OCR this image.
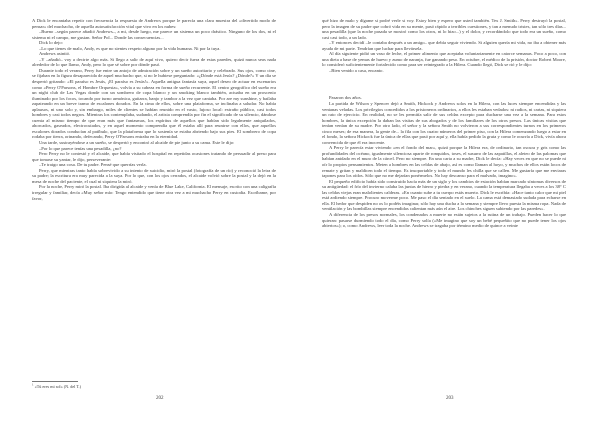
A Dick le encantaba repetir con frecuencia la respuesta de Andrews porque le parecía una clara muestra del «divertido modo de pensar» del muchacho, de aquella autosatisfacción vital que vivo en los nubes:

–Bueno –según parece añadió Andrews–, a mi, desde luego, me parece un sistema un poco drástico. Ninguno de los dos, ni el sistema ni el campo, me gustan. Señor Pol... Donde las consecuencias...

Dick lo dejo:

–Lo que tienes de malo, Andy, es que no sientes respeto alguno por la vida humana. Ni por la tuya.

Andrews asintió.

–Y –añadió– voy a decirte algo más. Si llego a salir de aquí vivo, quiero decir fuera de estas paredes, quizá nunca seas nada alrededor de lo que llamo, Andy, pero lo que sé sobre por dónde pasó.

Durante todo el verano, Perry fue entre un antojo de admiración sobre y un sueño autoritario y celebrado. Sus ojos, como cine, se fijaban en la figura desaparecida de aquel muchacho que, si no le hubiese preguntado: «¿Dónde está Jesús? ¿Dónde?» Y un día se despertó gritando: «El paraíso es Jesús, ¡El paraíso es Jesús!». Aquella antigua fantasía suya, aquel deseo de actuar en escenarios como «Perry O'Parsons, el Hombre Orquesta», volvía a su cabeza en forma de sueño recurrente. El centro geográfico del sueño era un night club de Las Vegas donde con un sombrero de copa blanco y un smoking blanco también, actuaba en un proscenio iluminado por los focos, tocando por turno armónica, guitarra, banjo y tambor a la vez que cantaba. Por are my sunshine, y bailaba zapateando en un breve tramo de escalones dorados. En la cima de ellos, sobre una plataforma, se inclinaba a saludar. No había aplausos, ni uno solo y, sin embargo, miles de clientes se habían reunido en el vasto, lujoso local: extraño público, casi todos hombres y casi todos negros. Mientras los contemplaba, sudando, el artista comprendía por fin el significado de su silencio, dándose cuenta al mismo tiempo de que eran más que fantasmas, los espíritus de aquellos que habían sido legalmente aniquilados, ahorcados, gaseados, electrocutados, y en aquel momento comprendía que él estaba allí para reunirse con ellos, que aquellos escalones dorados conducían al patíbulo, que la plataforma que lo sostenía se estaba abriendo bajo sus pies. El sombrero de copa rodaba por tierra, orinando, defecando, Perry O'Parsons entraba en la eternidad.

Una tarde, sustrayéndose a un sueño, se despertó y encontró al alcaide de pie junto a su cama. Este le dijo:

–Por lo que parece tenías una pesadilla, ¿no?

Pero Perry no le contestó y el alcaide, que había visitado el hospital en repetidas ocasiones tratando de persuadir al preso para que tomase su yantar, le dijo, perseverante:

–Te traigo una cosa. De tu padre. Pensé que querrías verla.

Perry, que mientras tanto había sobrevivido a su intento de suicidio, miró la postal (fotografía de un río) y reconoció la letra de su padre; la escritura era muy parecida a la suya. Por lo que, con los ojos cerrados, el alcaide volvió sobre la postal y la dejó en la mesa de noche del paciente, el cual ni siquiera la miró.

Por la noche, Perry miró la postal. Iba dirigida al alcaide y venía de Blue Lake, California. El mensaje, escrito con una caligrafía irregular y familiar, decía «Muy señor mío: Tengo entendido que tiene otra vez a mi muchacho Perry en custodia. Escríbame, por favor,

$^1$ «Tú eres mi sol» (N. del T.)
202

qué hizo de malo y dígame si podré verle si voy. Estoy bien y espero que usted también. Tex J. Smith». Perry destruyó la postal, pero la imagen de su padre que cobró vida en su mente, pasó rápido a terribles cuestiones, y tan a menudo tristes, tan sólo tres días... una pesadilla (que la noche pasada se mostró como los otros, ni lo hizo...) y el dolor, y recordándolo que todo era un sueño, como casi casi todo, a un lado.

–Y entonces decidí –le contaba después a un amigo– que debía seguir viviendo. Si alguien quería mi vida, no iba a obtener más ayuda de mi parte. Tendrían que luchar para llevársela.

Al día siguiente pidió un vaso de leche, el primer alimento que aceptaba voluntariamente en catorce semanas. Poco a poco, con una dieta a base de yemas de huevo y zumo de naranja, fue ganando peso. En octubre, el médico de la prisión, doctor Robert Moore, lo consideró suficientemente fortalecido como para ser reintegrado a la Hilera. Cuando llegó, Dick se rió y le dijo:

–Bien venido a casa, encanto.

Pasaron dos años.

La partida de Wilson y Spencer dejó a Smith, Hickock y Andrews solos en la Hilera, con las luces siempre encendidas y las ventanas veladas. Los privilegios concedidos a los prisioneros ordinarios, a ellos les estaban vedados: ni radios, ni cartas, ni siquiera un rato de ejercicio. En realidad, no se les permitía salir de sus celdas excepto para ducharse una vez a la semana. Para estos hombres, la única excepción la daban las visitas de sus abogados y de los familiares de los otros presos. Las únicas visitas que tenían venían de su madre. Por otro lado, el señor y la señora Smith no volvieron a sus correspondientes turnos en los primeros cinco meses; de esa manera, la gente de... la fila con los cuatro números del primer piso, con la Hilera comenzando luego a estar en el fondo, la señora Hickock fue la única de ellas que pasó por aquí y, ella había pedido la gruta y como le ocurría a Dick, vivía ahora convencida de que él era inocente.

A Perry le parecía estar viviendo «en el fondo del mar», quizá porque la Hilera era, de ordinario, tan oscura y gris como las profundidades del océano, igualmente silenciosa aparte de ronquidos, toses, el susurro de las zapatillas, el aleteo de las palomas que habían anidado en el muro de la cárcel. Pero no siempre. En una carta a su madre, Dick le decía: «Hay veces en que no se puede ni oír lo propios pensamientos. Meten a hombres en las celdas de abajo, así es como llaman al hoyo, y muchos de ellos están locos de remate y gritan y maldicen todo el tiempo. Es insoportable y todo el mundo les chilla que se callen. Me gustaría que me enviaras tapones para los oídos. Sólo que no me dejarían ponérmelos. No hay descanso para el malvado, imagino».

El pequeño edificio había sido construido hacía más de un siglo y los cambios de estación habían marcado síntomas diversos de su antigüedad: el frío del invierno calaba las juntas de hierro y piedra y en verano, cuando la temperatura llegaba a veces a los 38° C las celdas viejas eran malolientes calderas. «En cuanto sube a tu cuerpo estás muerto. Dick le escribía: «Hace tanto calor que mi piel está ardiendo siempre. Procuro moverme poco. Me paso el día sentado en el suelo. La cama está demasiado sudada para echarse en ella. El hedor que despiden no os lo podéis imaginar, sólo hay una ducha a la semana y siempre llevo puesta la misma ropa. Nada de ventilación y las bombillas siempre encendidas calientan más aún el aire. Los chinches siguen subiendo por las paredes».

A diferencia de los presos normales, los condenados a muerte no están sujetos a la rutina de un trabajo. Pueden hacer lo que quieran: pasarse durmiendo todo el día, como Perry solía («Me imagino que soy un bebé pequeñito que no puede tener los ojos abiertos»); o, como Andrews, leer toda la noche. Andrews se tragaba por término medio de quince a veinte

203
